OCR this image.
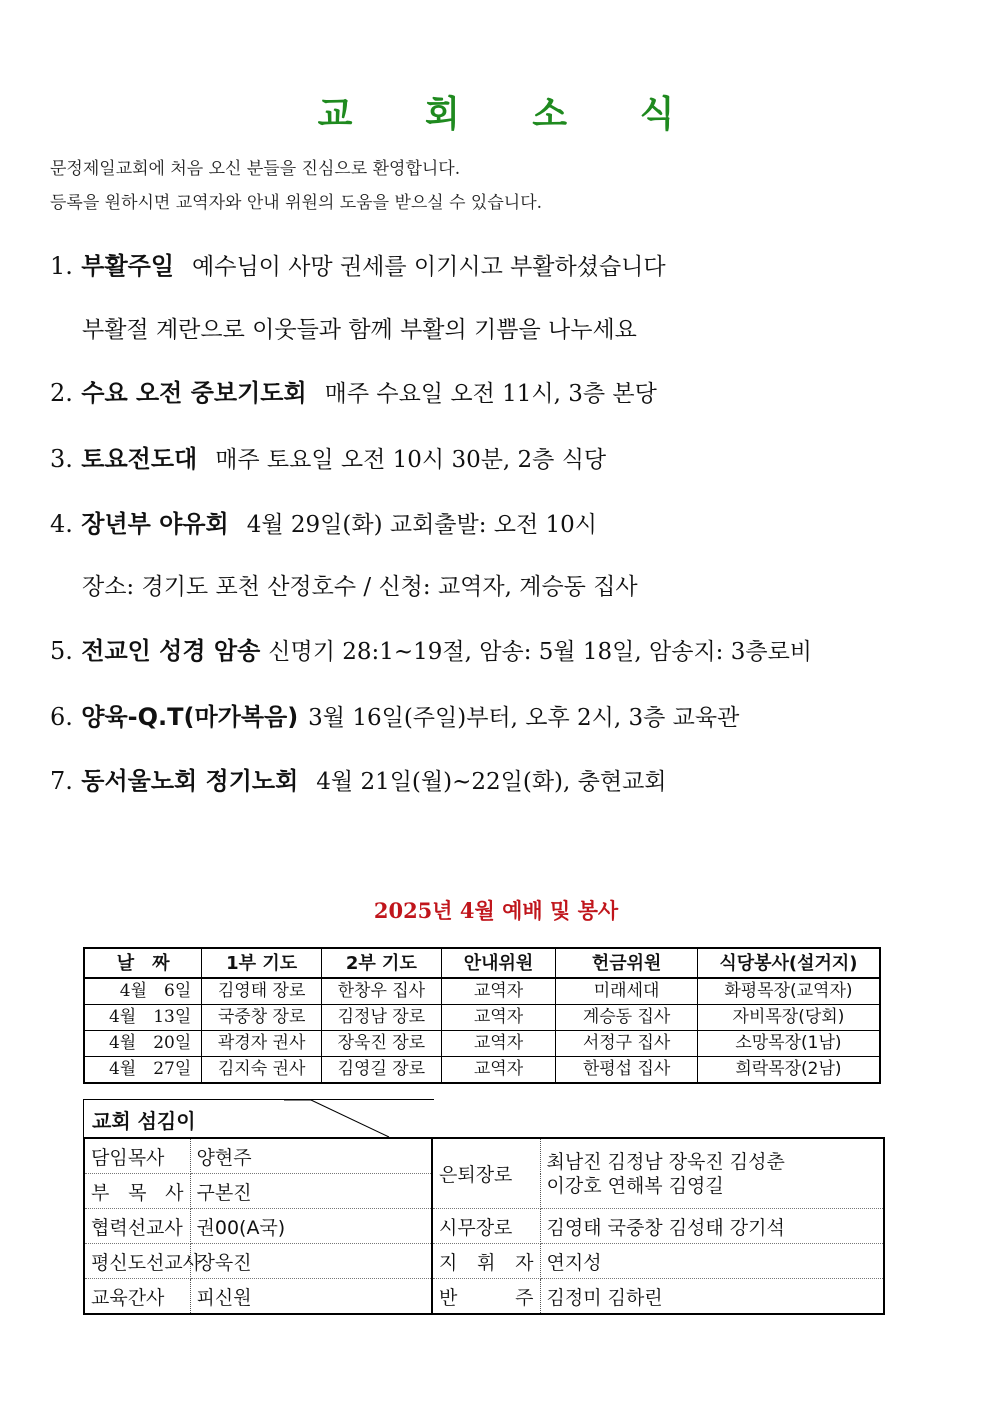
교 회 소 식
문정제일교회에 처음 오신 분들을 진심으로 환영합니다.
등록을 원하시면 교역자와 안내 위원의 도움을 받으실 수 있습니다.
1. 부활주일 예수님이 사망 권세를 이기시고 부활하셨습니다
부활절 계란으로 이웃들과 함께 부활의 기쁨을 나누세요
2. 수요 오전 중보기도회 매주 수요일 오전 11시, 3층 본당
3. 토요전도대 매주 토요일 오전 10시 30분, 2층 식당
4. 장년부 야유회 4월 29일(화) 교회출발: 오전 10시
장소: 경기도 포천 산정호수 / 신청: 교역자, 계승동 집사
5. 전교인 성경 암송 신명기 28:1~19절, 암송: 5월 18일, 암송지: 3층로비
6. 양육-Q.T(마가복음) 3월 16일(주일)부터, 오후 2시, 3층 교육관
7. 동서울노회 정기노회 4월 21일(월)~22일(화), 충현교회
2025년 4월 예배 및 봉사
날　짜	1부 기도	2부 기도	안내위원	헌금위원	식당봉사(설거지)
4월　6일	김영태 장로	한창우 집사	교역자	미래세대	화평목장(교역자)
4월　13일	국중창 장로	김정남 장로	교역자	계승동 집사	자비목장(당회)
4월　20일	곽경자 권사	장욱진 장로	교역자	서정구 집사	소망목장(1남)
4월　27일	김지숙 권사	김영길 장로	교역자	한평섭 집사	희락목장(2남)
교회 섬김이
담임목사	양현주	은퇴장로	최남진 김정남 장욱진 김성춘
이강호 연해복 김영길

부 목 사	구본진		
협력선교사	권00(A국)	시무장로	김영태 국중창 김성태 강기석
평신도선교사	장욱진	지 휘 자	연지성
교육간사	피신원	반　　주	김정미 김하린
